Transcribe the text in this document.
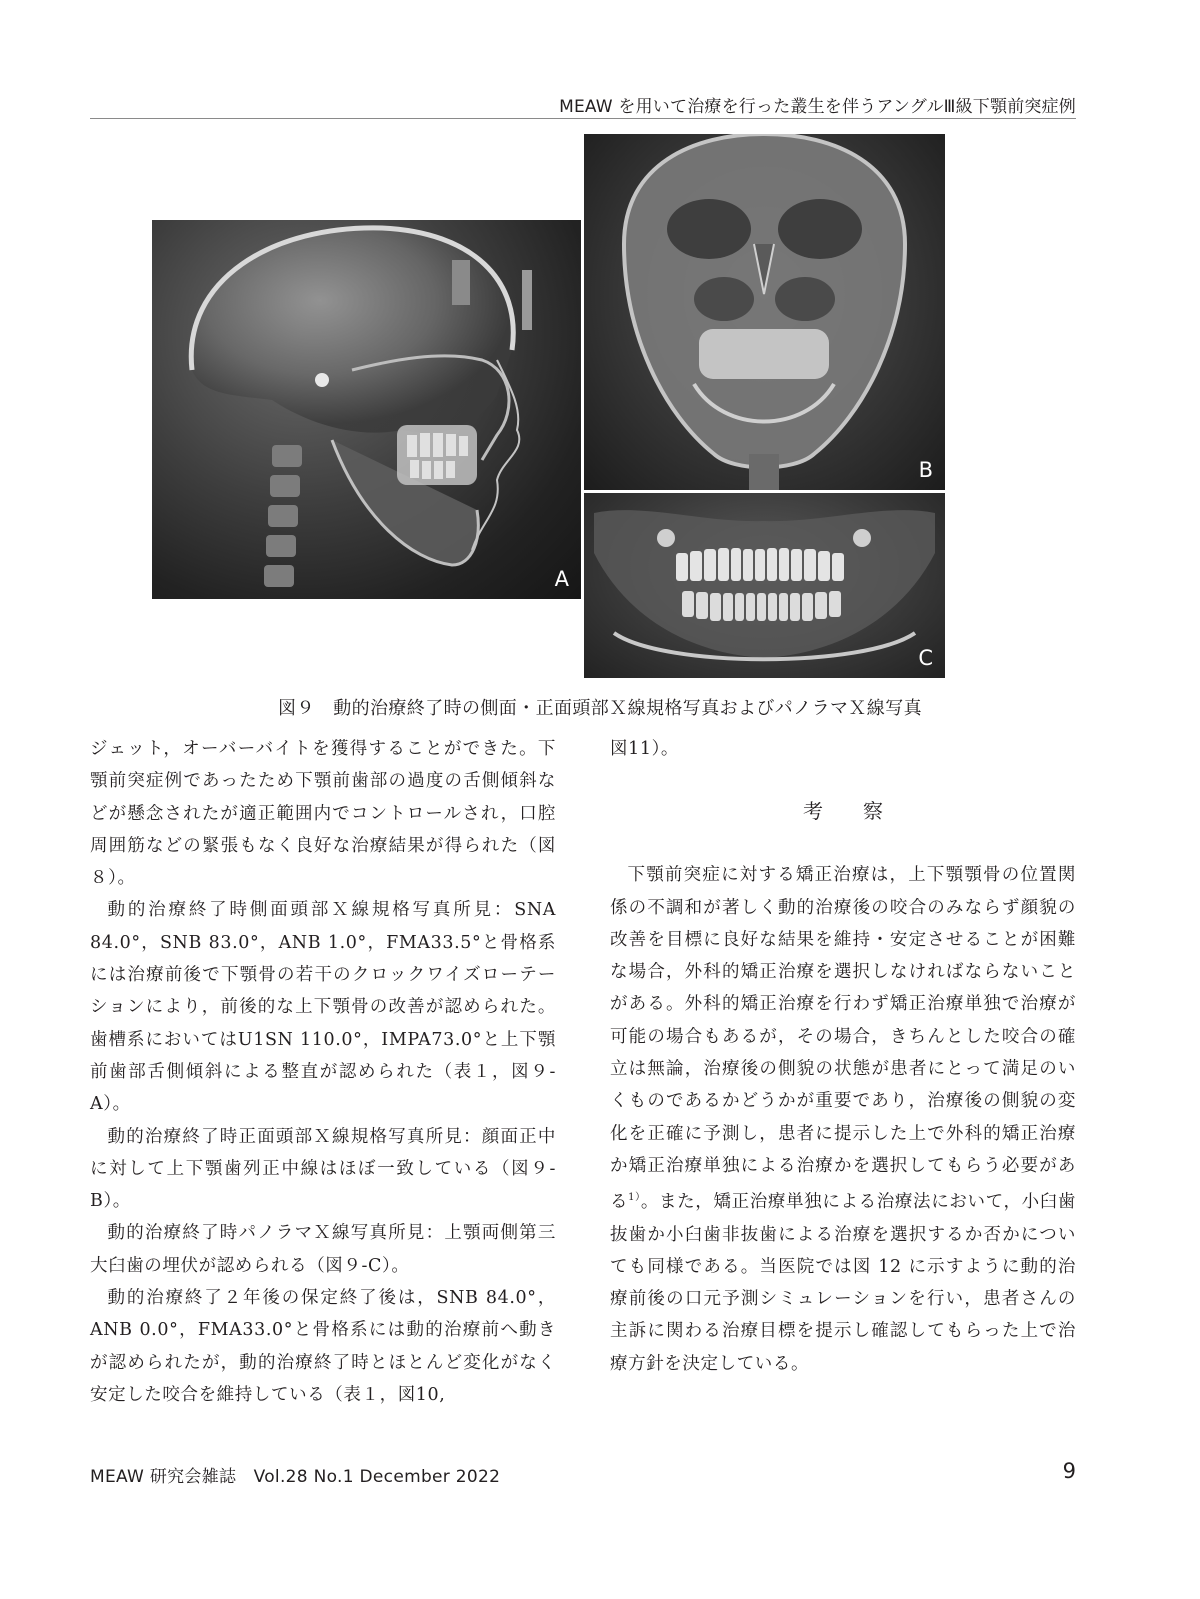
MEAW を用いて治療を行った叢生を伴うアングルⅢ級下顎前突症例
A
B
C
図９　動的治療終了時の側面・正面頭部Ｘ線規格写真およびパノラマＸ線写真

ジェット，オーバーバイトを獲得することができた。下顎前突症例であったため下顎前歯部の過度の舌側傾斜などが懸念されたが適正範囲内でコントロールされ，口腔周囲筋などの緊張もなく良好な治療結果が得られた（図８）。

動的治療終了時側面頭部Ｘ線規格写真所見：SNA 84.0°，SNB 83.0°，ANB 1.0°，FMA33.5°と骨格系には治療前後で下顎骨の若干のクロックワイズローテーションにより，前後的な上下顎骨の改善が認められた。歯槽系においてはU1SN 110.0°，IMPA73.0°と上下顎前歯部舌側傾斜による整直が認められた（表１，図９-A）。

動的治療終了時正面頭部Ｘ線規格写真所見：顔面正中に対して上下顎歯列正中線はほぼ一致している（図９-B）。

動的治療終了時パノラマＸ線写真所見：上顎両側第三大臼歯の埋伏が認められる（図９-C）。

動的治療終了２年後の保定終了後は，SNB 84.0°，ANB 0.0°，FMA33.0°と骨格系には動的治療前へ動きが認められたが，動的治療終了時とほとんど変化がなく安定した咬合を維持している（表１，図10,

図11）。

考察

下顎前突症に対する矯正治療は，上下顎顎骨の位置関係の不調和が著しく動的治療後の咬合のみならず顔貌の改善を目標に良好な結果を維持・安定させることが困難な場合，外科的矯正治療を選択しなければならないことがある。外科的矯正治療を行わず矯正治療単独で治療が可能の場合もあるが，その場合，きちんとした咬合の確立は無論，治療後の側貌の状態が患者にとって満足のいくものであるかどうかが重要であり，治療後の側貌の変化を正確に予測し，患者に提示した上で外科的矯正治療か矯正治療単独による治療かを選択してもらう必要がある$^{1)}$。また，矯正治療単独による治療法において，小臼歯抜歯か小臼歯非抜歯による治療を選択するか否かについても同様である。当医院では図 12 に示すように動的治療前後の口元予測シミュレーションを行い，患者さんの主訴に関わる治療目標を提示し確認してもらった上で治療方針を決定している。

MEAW 研究会雑誌　Vol.28 No.1 December 2022	9
